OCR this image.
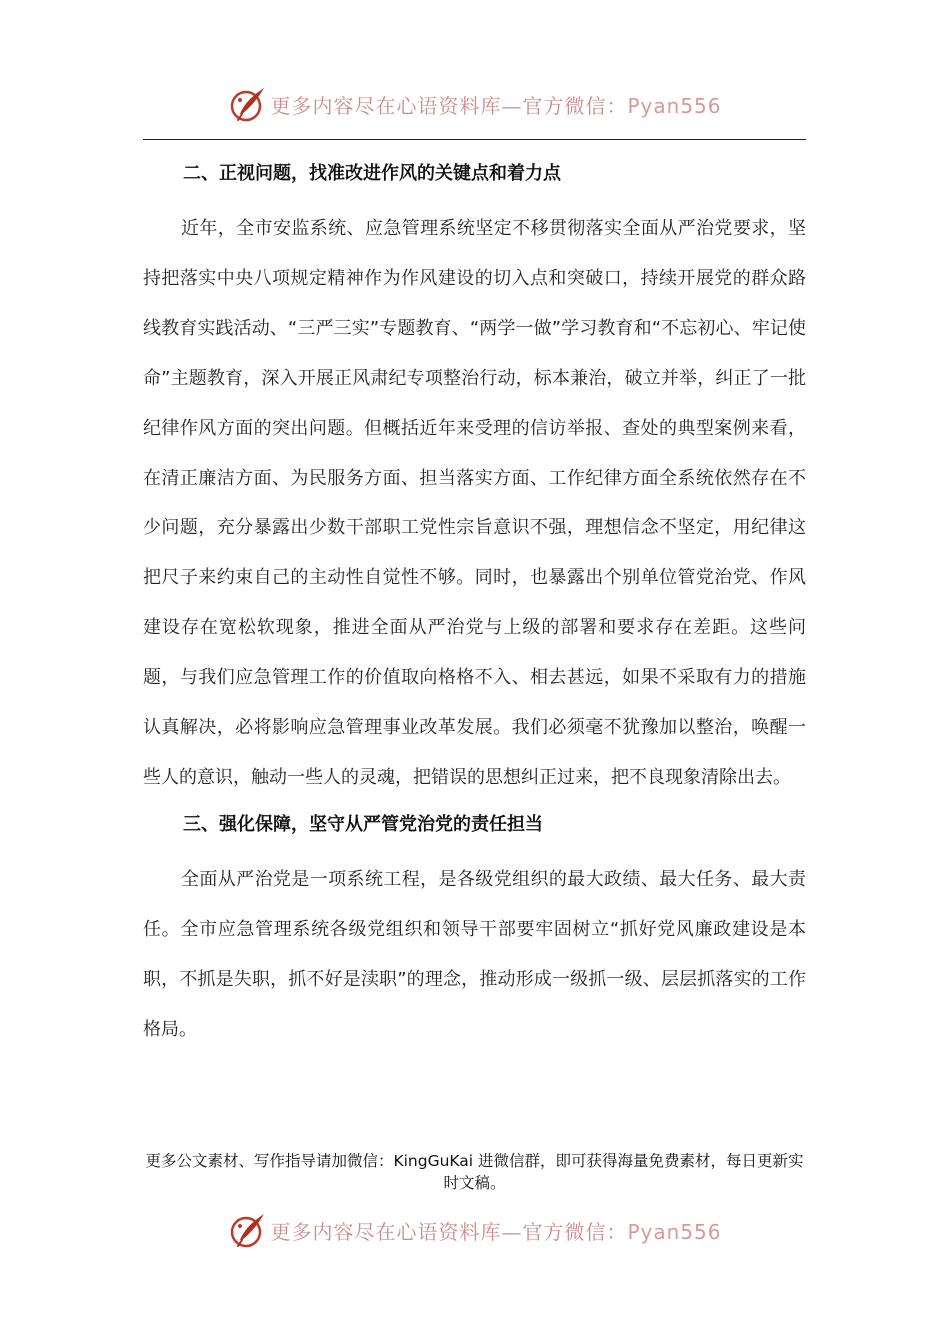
更多内容尽在心语资料库—官方微信：Pyan556
二、正视问题，找准改进作风的关键点和着力点

近年，全市安监系统、应急管理系统坚定不移贯彻落实全面从严治党要求，坚持把落实中央八项规定精神作为作风建设的切入点和突破口，持续开展党的群众路线教育实践活动、“三严三实”专题教育、“两学一做”学习教育和“不忘初心、牢记使命”主题教育，深入开展正风肃纪专项整治行动，标本兼治，破立并举，纠正了一批纪律作风方面的突出问题。但概括近年来受理的信访举报、查处的典型案例来看，在清正廉洁方面、为民服务方面、担当落实方面、工作纪律方面全系统依然存在不少问题，充分暴露出少数干部职工党性宗旨意识不强，理想信念不坚定，用纪律这把尺子来约束自己的主动性自觉性不够。同时，也暴露出个别单位管党治党、作风建设存在宽松软现象，推进全面从严治党与上级的部署和要求存在差距。这些问题，与我们应急管理工作的价值取向格格不入、相去甚远，如果不采取有力的措施认真解决，必将影响应急管理事业改革发展。我们必须毫不犹豫加以整治，唤醒一些人的意识，触动一些人的灵魂，把错误的思想纠正过来，把不良现象清除出去。

三、强化保障，坚守从严管党治党的责任担当

全面从严治党是一项系统工程，是各级党组织的最大政绩、最大任务、最大责任。全市应急管理系统各级党组织和领导干部要牢固树立“抓好党风廉政建设是本职，不抓是失职，抓不好是渎职”的理念，推动形成一级抓一级、层层抓落实的工作格局。

更多公文素材、写作指导请加微信：KingGuKai 进微信群，即可获得海量免费素材，每日更新实时文稿。
更多内容尽在心语资料库—官方微信：Pyan556
